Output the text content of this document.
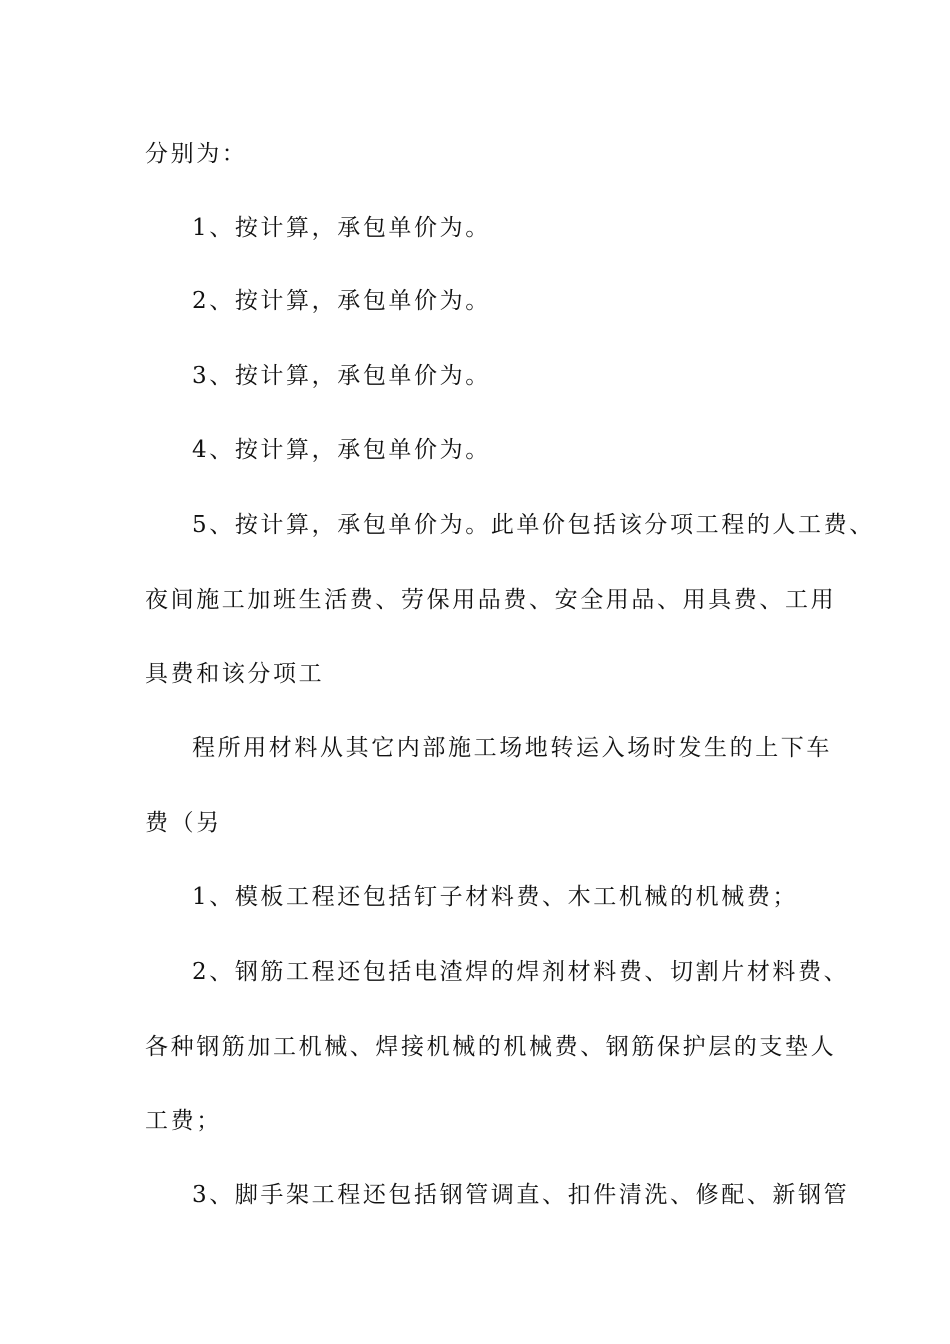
分别为：
1、按计算，承包单价为。
2、按计算，承包单价为。
3、按计算，承包单价为。
4、按计算，承包单价为。
5、按计算，承包单价为。此单价包括该分项工程的人工费、
夜间施工加班生活费、劳保用品费、安全用品、用具费、工用
具费和该分项工
程所用材料从其它内部施工场地转运入场时发生的上下车
费（另
1、模板工程还包括钉子材料费、木工机械的机械费；
2、钢筋工程还包括电渣焊的焊剂材料费、切割片材料费、
各种钢筋加工机械、焊接机械的机械费、钢筋保护层的支垫人
工费；
3、脚手架工程还包括钢管调直、扣件清洗、修配、新钢管
